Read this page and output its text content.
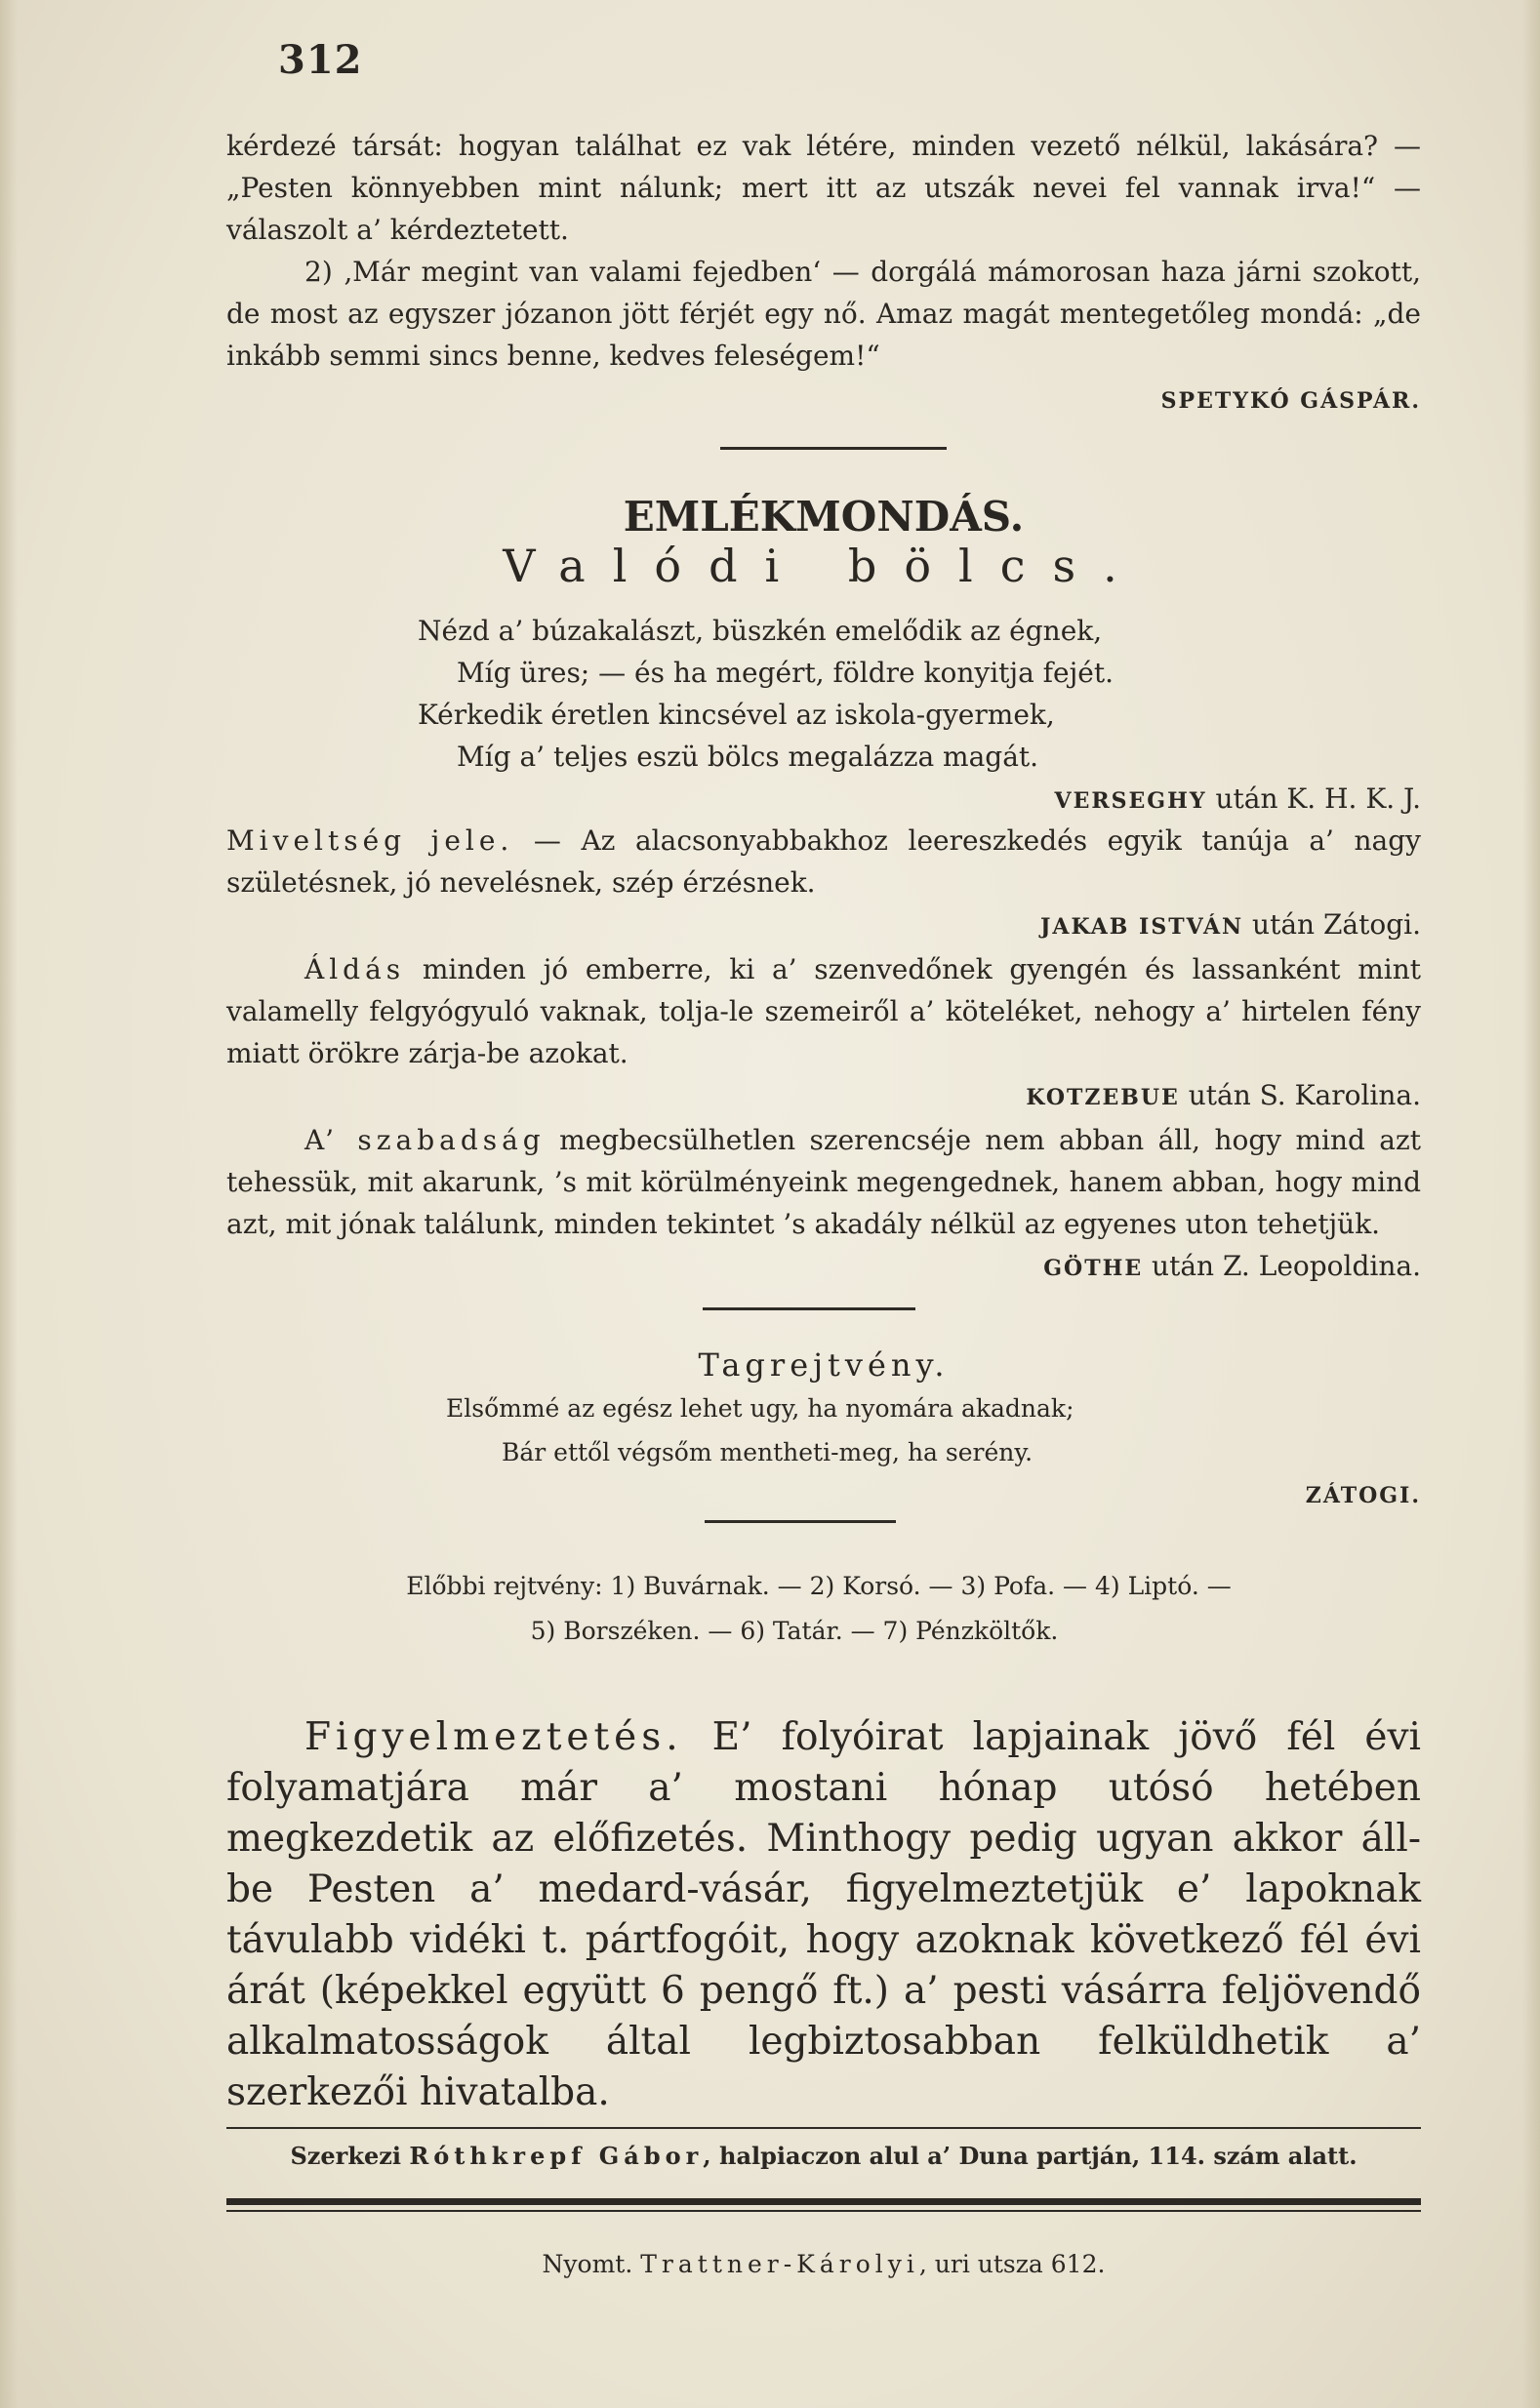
312

kérdezé társát: hogyan találhat ez vak létére, minden vezető nélkül, lakására? — „Pesten könnyebben mint nálunk; mert itt az utszák nevei fel vannak irva!“ — válaszolt a’ kérdeztetett.

2) ‚Már megint van valami fejedben‘ — dorgálá mámorosan haza járni szokott, de most az egyszer józanon jött férjét egy nő. Amaz magát mentegetőleg mondá: „de inkább semmi sincs benne, kedves feleségem!“

SPETYKÓ GÁSPÁR.

EMLÉKMONDÁS.
Valódi bölcs.
Nézd a’ búzakalászt, büszkén emelődik az égnek,
Míg üres; — és ha megért, földre konyitja fejét.
Kérkedik éretlen kincsével az iskola-gyermek,
Míg a’ teljes eszü bölcs megalázza magát.
VERSEGHY után K. H. K. J.

Miveltség jele. — Az alacsonyabbakhoz leereszkedés egyik tanúja a’ nagy születésnek, jó nevelésnek, szép érzésnek.

JAKAB ISTVÁN után Zátogi.

Áldás minden jó emberre, ki a’ szenvedőnek gyengén és lassanként mint valamelly felgyógyuló vaknak, tolja-le szemeiről a’ köteléket, nehogy a’ hirtelen fény miatt örökre zárja-be azokat.

KOTZEBUE után S. Karolina.

A’ szabadság megbecsülhetlen szerencséje nem abban áll, hogy mind azt tehessük, mit akarunk, ’s mit körülményeink megengednek, hanem abban, hogy mind azt, mit jónak találunk, minden tekintet ’s akadály nélkül az egyenes uton tehetjük.

GÖTHE után Z. Leopoldina.

Tagrejtvény.
Elsőmmé az egész lehet ugy, ha nyomára akadnak;
Bár ettől végsőm mentheti-meg, ha serény.
ZÁTOGI.
Előbbi rejtvény: 1) Buvárnak. — 2) Korsó. — 3) Pofa. — 4) Liptó. —
5) Borszéken. — 6) Tatár. — 7) Pénzköltők.

Figyelmeztetés. E’ folyóirat lapjainak jövő fél évi folyamatjára már a’ mostani hónap utósó hetében megkezdetik az előfizetés. Minthogy pedig ugyan akkor áll-be Pesten a’ medard-vásár, figyelmeztetjük e’ lapoknak távulabb vidéki t. pártfogóit, hogy azoknak következő fél évi árát (képekkel együtt 6 pengő ft.) a’ pesti vásárra feljövendő alkalmatosságok által legbiztosabban felküldhetik a’ szerkezői hivatalba.

Szerkezi Róthkrepf Gábor, halpiaczon alul a’ Duna partján, 114. szám alatt.
Nyomt. Trattner-Károlyi, uri utsza 612.
